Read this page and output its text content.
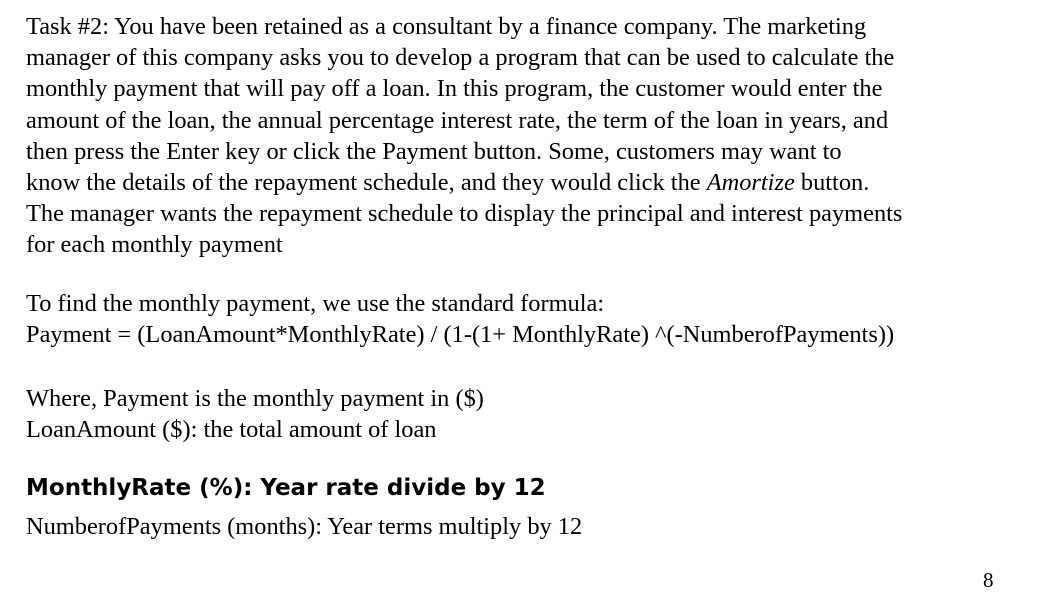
Task #2: You have been retained as a consultant by a finance company. The marketing
manager of this company asks you to develop a program that can be used to calculate the
monthly payment that will pay off a loan. In this program, the customer would enter the
amount of the loan, the annual percentage interest rate, the term of the loan in years, and
then press the Enter key or click the Payment button. Some, customers may want to
know the details of the repayment schedule, and they would click the Amortize button.
The manager wants the repayment schedule to display the principal and interest payments
for each monthly payment

To find the monthly payment, we use the standard formula:
Payment = (LoanAmount*MonthlyRate) / (1-(1+ MonthlyRate) ^(-NumberofPayments))

Where, Payment is the monthly payment in ($)
LoanAmount ($): the total amount of loan

MonthlyRate (%): Year rate divide by 12

NumberofPayments (months): Year terms multiply by 12

8
